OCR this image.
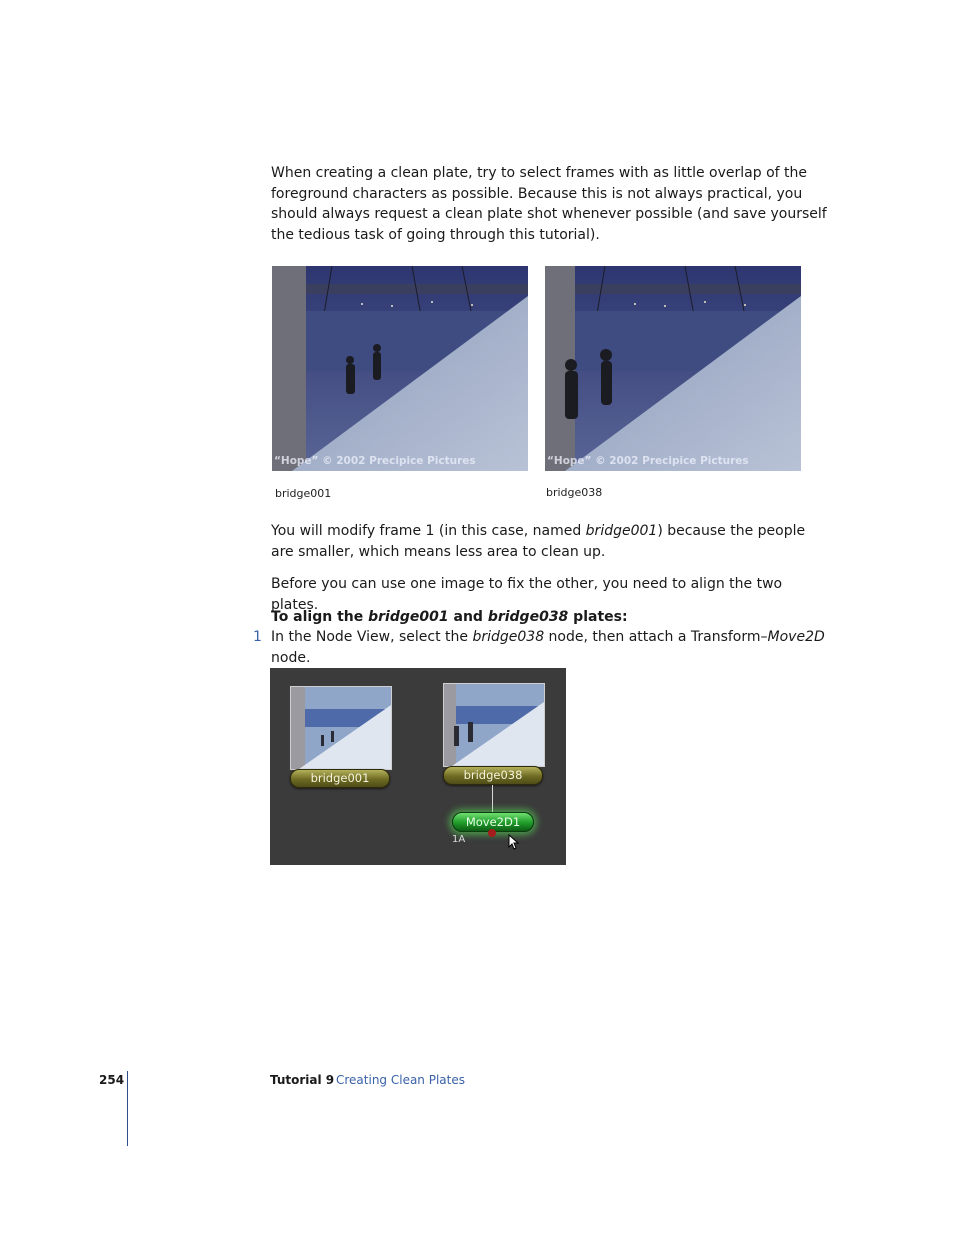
When creating a clean plate, try to select frames with as little overlap of the foreground characters as possible. Because this is not always practical, you should always request a clean plate shot whenever possible (and save yourself the tedious task of going through this tutorial).

“Hope” © 2002 Precipice Pictures
bridge001
“Hope” © 2002 Precipice Pictures
bridge038

You will modify frame 1 (in this case, named bridge001) because the people are smaller, which means less area to clean up.

Before you can use one image to fix the other, you need to align the two plates.

To align the bridge001 and bridge038 plates:

1 In the Node View, select the bridge038 node, then attach a Transform–Move2D node.

bridge001	bridge038
Move2D1
1A
254	Tutorial 9 Creating Clean Plates
